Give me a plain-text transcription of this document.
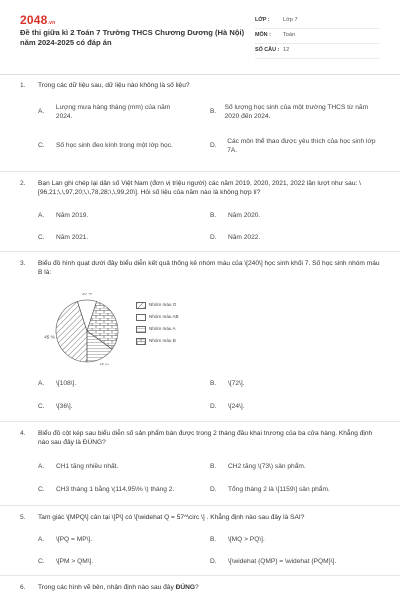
2048.vn
Đề thi giữa kì 2 Toán 7 Trường THCS Chương Dương (Hà Nội) năm 2024-2025 có đáp án
LỚP :	Lớp 7
MÔN :	Toán
SỐ CÂU : 12
1.	Trong các dữ liệu sau, dữ liệu nào không là số liệu?
A.
Lượng mưa hàng tháng (mm) của năm 2024.
B.
Số lượng học sinh của một trường THCS từ năm 2020 đến 2024.
C.	Số học sinh đeo kính trong một lớp học.	D.
Các môn thể thao được yêu thích của học sinh lớp 7A.
2.	Bạn Lan ghi chép lại dân số Việt Nam (đơn vị triệu người) các năm 2019, 2020, 2021, 2022 lần lượt như sau: \[96,21;\,\,97,20;\,\,78,28;\,\,99,20\]. Hỏi số liệu của năm nào là không hợp lí?
A.	Năm 2019.	B.	Năm 2020.
C.	Năm 2021.	D.	Năm 2022.
3.	Biểu đồ hình quạt dưới đây biểu diễn kết quả thống kê nhóm máu của \[240\] học sinh khối 7. Số học sinh nhóm máu B là:
10 %
15 %
45 %
Nhóm máu O
Nhóm máu AB
Nhóm máu A
Nhóm máu B
A.	\[108\].	B.	\[72\].
C.	\[36\].	D.	\[24\].
4.	Biểu đồ cột kép sau biểu diễn số sản phẩm bán được trong 2 tháng đầu khai trương của ba cửa hàng. Khẳng định nào sau đây là ĐÚNG?
A.	CH1 tăng nhiều nhất.	B.	CH2 tăng \(73\) sản phẩm.
C.	CH3 tháng 1 bằng \(114,95\% \) tháng 2.	D.	Tổng tháng 2 là \[1159\] sản phẩm.
5.	Tam giác \[MPQ\] cân tại \[P\] có \[\widehat Q = 57^\circ \] . Khẳng định nào sau đây là SAI?
A.	\[PQ = MP\].	B.	\[MQ > PQ\].
C.	\[PM > QM\].	D.	\[\widehat {QMP} = \widehat {PQM}\].
6.	Trong các hình vẽ bên, nhận định nào sau đây ĐÚNG?
